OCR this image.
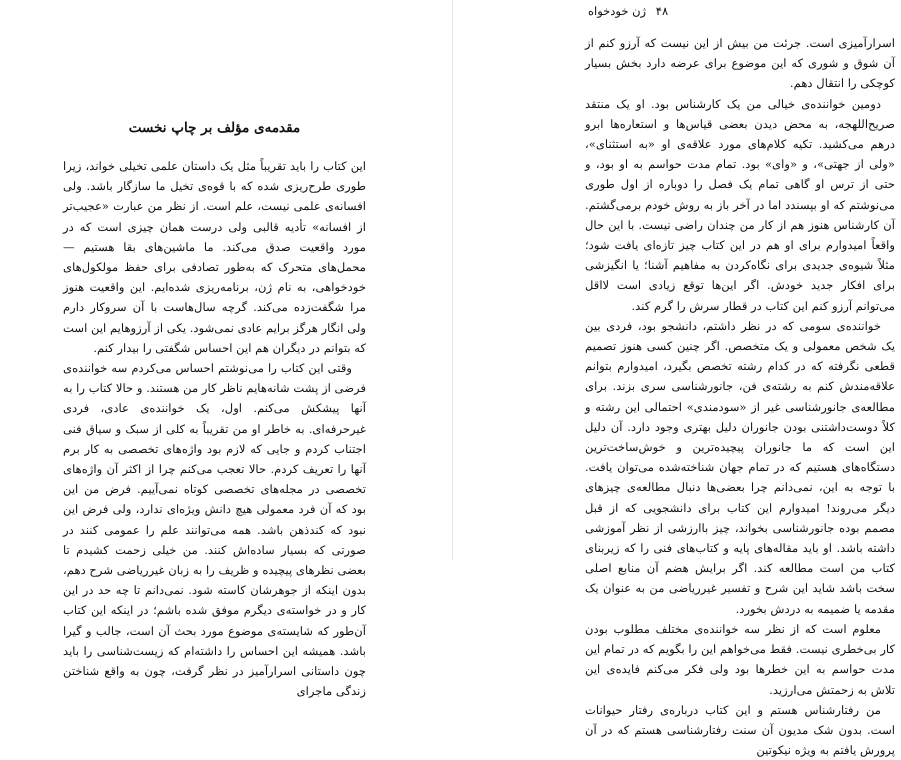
۴۸ ژن خودخواه

اسرارآمیزی است. جرئت من بیش از این نیست که آرزو کنم از آن شوق و شوری که این موضوع برای عرضه دارد بخش بسیار کوچکی را انتقال دهم.

دومین خواننده‌ی خیالی من یک کارشناس بود. او یک منتقد صریح‌اللهجه، به محض دیدن بعضی قیاس‌ها و استعاره‌ها ابرو درهم می‌کشید. تکیه کلام‌های مورد علاقه‌ی او «به استثنای»، «ولی از جهتی»، و «وای» بود. تمام مدت حواسم به او بود، و حتی از ترس او گاهی تمام یک فصل را دوباره از اول طوری می‌نوشتم که او بپسندد اما در آخر باز به روش خودم برمی‌گشتم. آن کارشناس هنوز هم از کار من چندان راضی نیست. با این حال واقعاً امیدوارم برای او هم در این کتاب چیز تازه‌ای یافت شود؛ مثلاً شیوه‌ی جدیدی برای نگاه‌کردن به مفاهیم آشنا؛ یا انگیزشی برای افکار جدید خودش. اگر این‌ها توقع زیادی است لااقل می‌توانم آرزو کنم این کتاب در قطار سرش را گرم کند.

خواننده‌ی سومی که در نظر داشتم، دانشجو بود، فردی بین یک شخص معمولی و یک متخصص. اگر چنین کسی هنوز تصمیم قطعی نگرفته که در کدام رشته تخصص بگیرد، امیدوارم بتوانم علاقه‌مندش کنم به رشته‌ی فن، جانورشناسی سری بزند. برای مطالعه‌ی جانورشناسی غیر از «سودمندی» احتمالی این رشته و کلاً دوست‌داشتنی بودن جانوران دلیل بهتری وجود دارد. آن دلیل این است که ما جانوران پیچیده‌ترین و خوش‌ساخت‌ترین دستگاه‌های هستیم که در تمام جهان شناخته‌شده می‌توان یافت. با توجه به این، نمی‌دانم چرا بعضی‌ها دنبال مطالعه‌ی چیزهای دیگر می‌روند! امیدوارم این کتاب برای دانشجویی که از قبل مصمم بوده جانورشناسی بخواند، چیز باارزشی از نظر آموزشی داشته باشد. او باید مقاله‌های پایه و کتاب‌های فنی را که زیربنای کتاب من است مطالعه کند. اگر برایش هضم آن منابع اصلی سخت باشد شاید این شرح و تفسیر غیرریاضی من به عنوان یک مقدمه یا ضمیمه به دردش بخورد.

معلوم است که از نظر سه خواننده‌ی مختلف مطلوب بودن کار بی‌خطری نیست. فقط می‌خواهم این را بگویم که در تمام این مدت حواسم به این خطرها بود ولی فکر می‌کنم فایده‌ی این تلاش به زحمتش می‌ارزید.

من رفتارشناس هستم و این کتاب درباره‌ی رفتار حیوانات است. بدون شک مدیون آن سنت رفتارشناسی هستم که در آن پرورش یافتم به ویژه نیکوتین

مقدمه‌ی مؤلف بر چاپ نخست

این کتاب را باید تقریباً مثل یک داستان علمی تخیلی خواند، زیرا طوری طرح‌ریزی شده که با قوه‌ی تخیل ما سازگار باشد. ولی افسانه‌ی علمی نیست، علم است. از نظر من عبارت «عجیب‌تر از افسانه» تأدیه قالبی ولی درست همان چیزی است که در مورد واقعیت صدق می‌کند. ما ماشین‌های بقا هستیم — محمل‌های متحرک که به‌طور تصادفی برای حفظ مولکول‌های خودخواهی، به نام ژن، برنامه‌ریزی شده‌ایم. این واقعیت هنوز مرا شگفت‌زده می‌کند. گرچه سال‌هاست با آن سروکار دارم ولی انگار هرگز برایم عادی نمی‌شود. یکی از آرزوهایم این است که بتوانم در دیگران هم این احساس شگفتی را بیدار کنم.

وقتی این کتاب را می‌نوشتم احساس می‌کردم سه خواننده‌ی فرضی از پشت شانه‌هایم ناظر کار من هستند. و حالا کتاب را به آنها پیشکش می‌کنم. اول، یک خواننده‌ی عادی، فردی غیرحرفه‌ای. به خاطر او من تقریباً به کلی از سبک و سیاق فنی اجتناب کردم و جایی که لازم بود واژه‌های تخصصی به کار برم آنها را تعریف کردم. حالا تعجب می‌کنم چرا از اکثر آن واژه‌های تخصصی در مجله‌های تخصصی کوتاه نمی‌آییم. فرض من این بود که آن فرد معمولی هیچ دانش ویژه‌ای ندارد، ولی فرض این نبود که کندذهن باشد. همه می‌توانند علم را عمومی کنند در صورتی که بسیار ساده‌اش کنند. من خیلی زحمت کشیدم تا بعضی نظرهای پیچیده و ظریف را به زبان غیرریاضی شرح دهم، بدون اینکه از جوهرشان کاسته شود. نمی‌دانم تا چه حد در این کار و در خواسته‌ی دیگرم موفق شده باشم؛ در اینکه این کتاب آن‌طور که شایسته‌ی موضوع مورد بحث آن است، جالب و گیرا باشد. همیشه این احساس را داشته‌ام که زیست‌شناسی را باید چون داستانی اسرارآمیز در نظر گرفت، چون به واقع شناختن زندگی ماجرای
